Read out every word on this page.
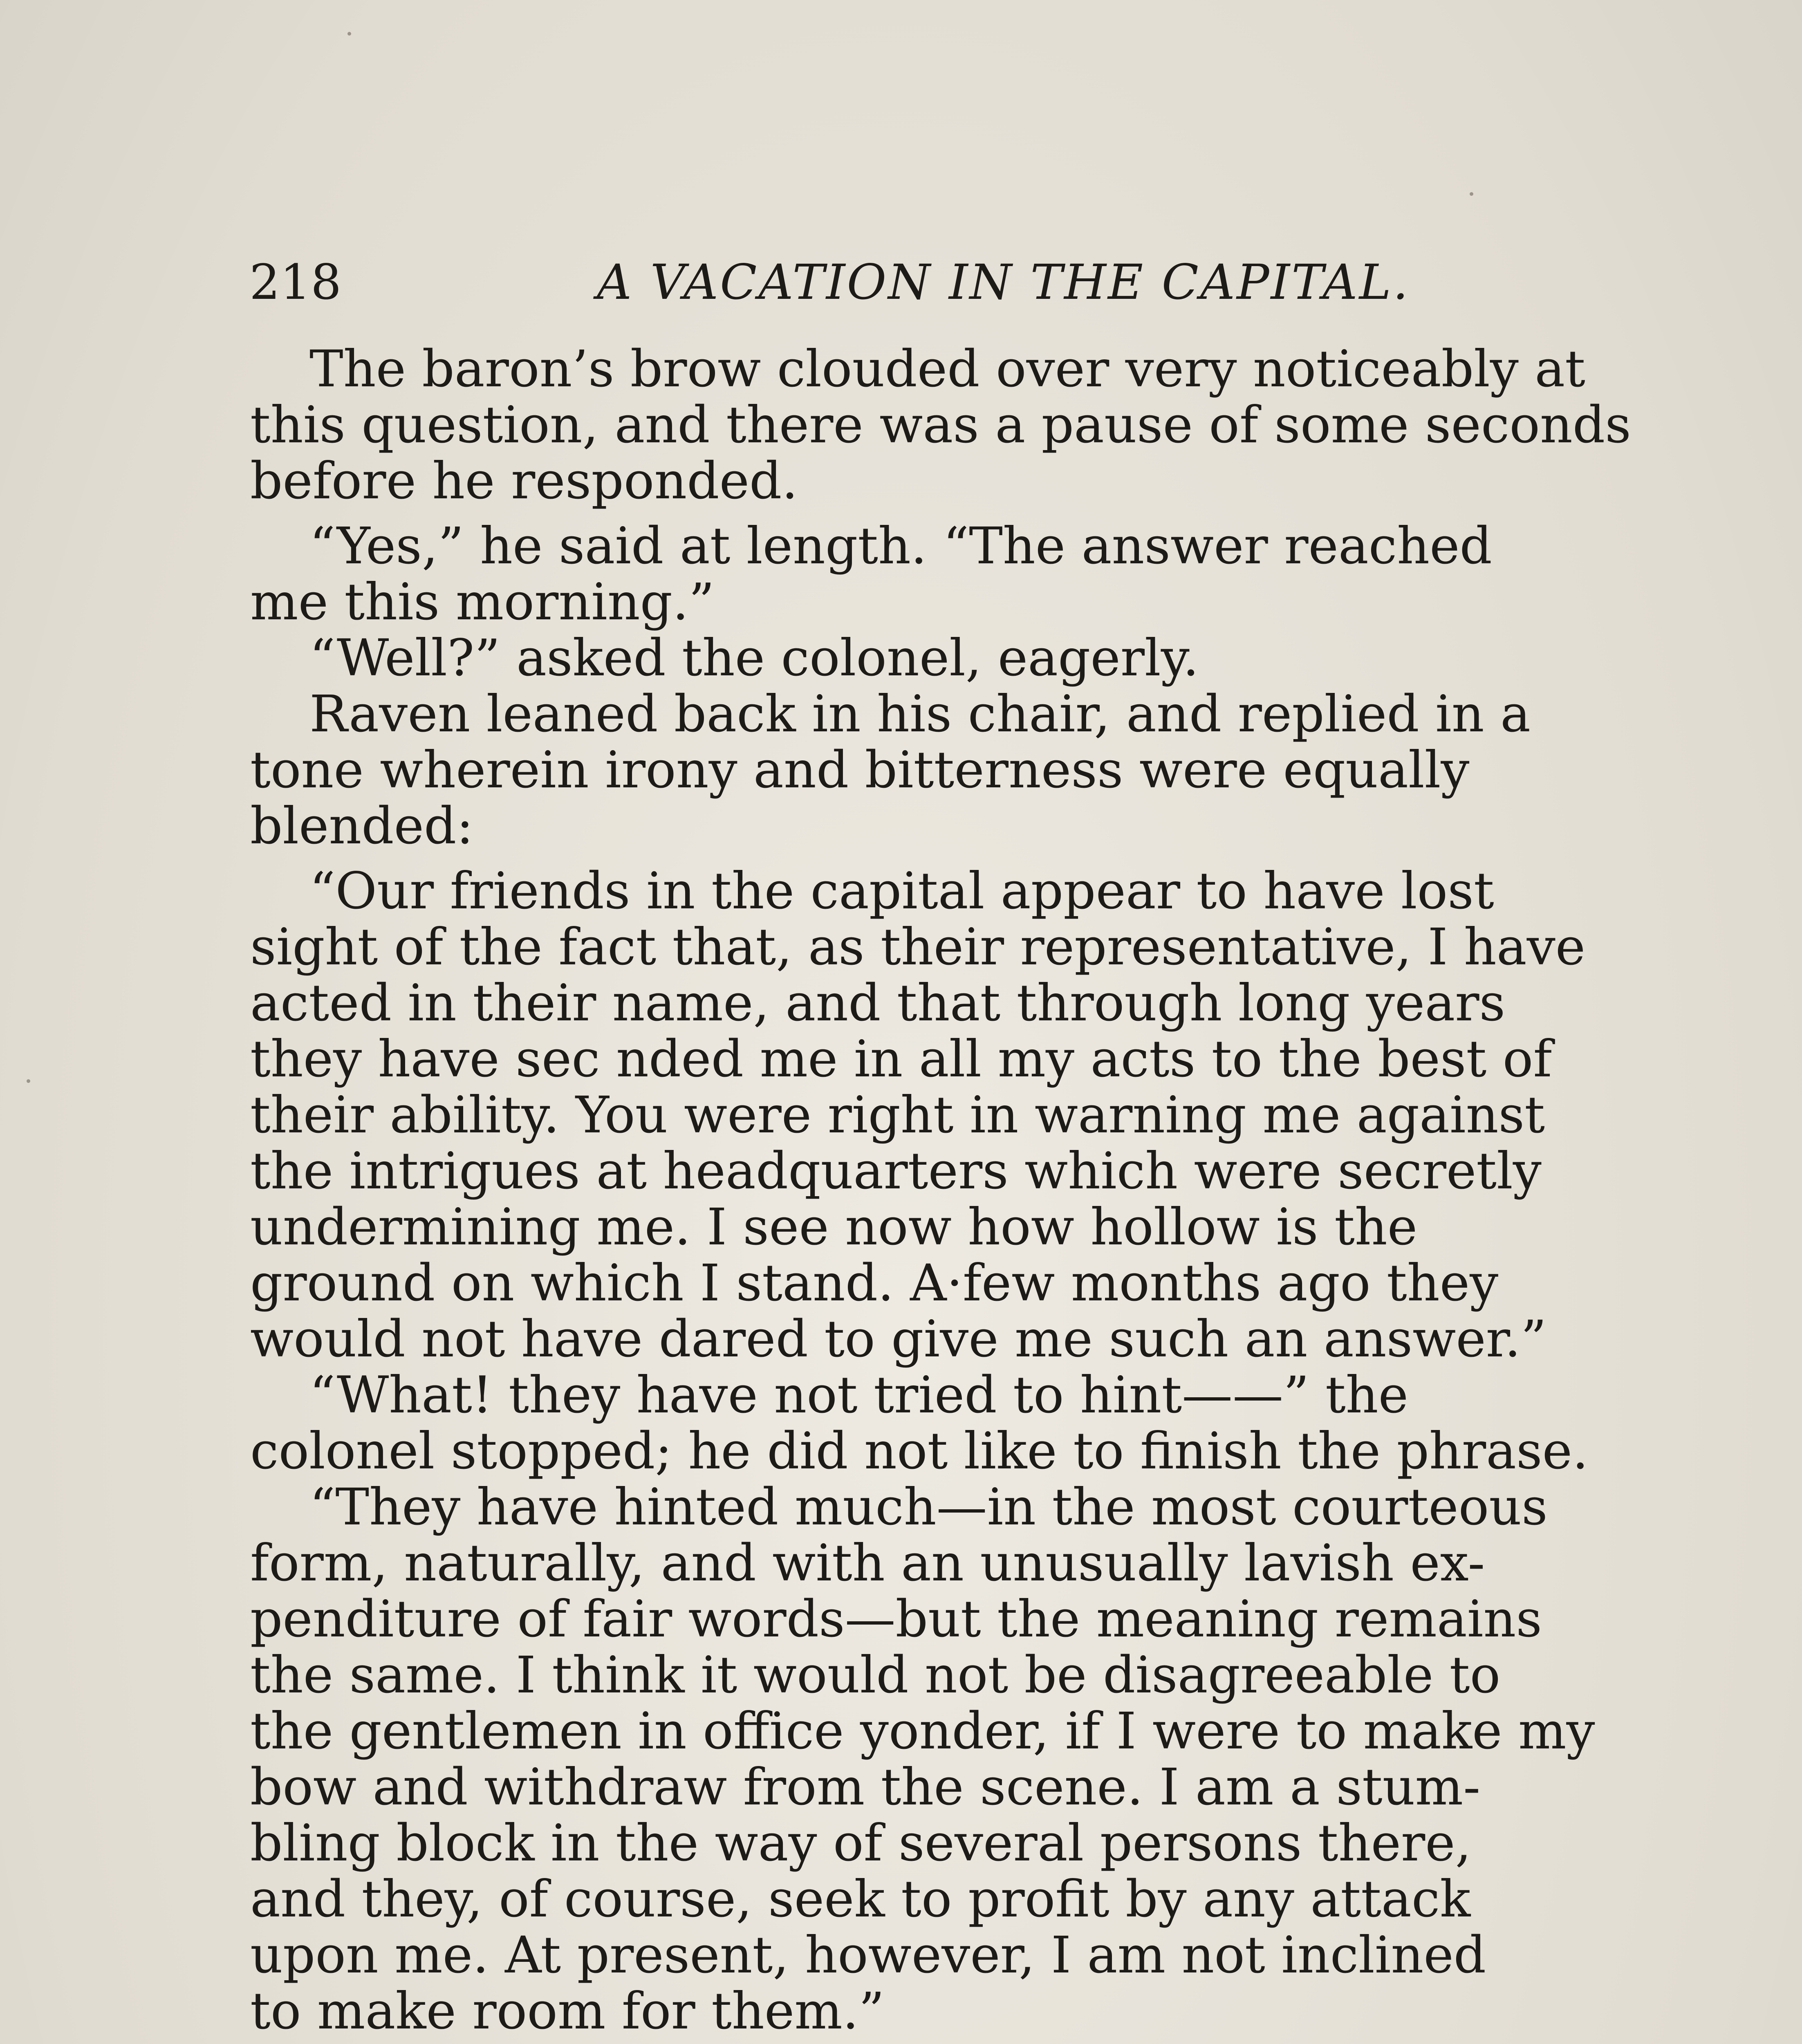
218	A VACATION IN THE CAPITAL.
The baron’s brow clouded over very noticeably at
this question, and there was a pause of some seconds
before he responded.
“Yes,” he said at length. “The answer reached
me this morning.”
“Well?” asked the colonel, eagerly.
Raven leaned back in his chair, and replied in a
tone wherein irony and bitterness were equally
blended:
“Our friends in the capital appear to have lost
sight of the fact that, as their representative, I have
acted in their name, and that through long years
they have sec nded me in all my acts to the best of
their ability. You were right in warning me against
the intrigues at headquarters which were secretly
undermining me. I see now how hollow is the
ground on which I stand. A·few months ago they
would not have dared to give me such an answer.”
“What! they have not tried to hint——” the
colonel stopped; he did not like to finish the phrase.
“They have hinted much—in the most courteous
form, naturally, and with an unusually lavish ex-
penditure of fair words—but the meaning remains
the same. I think it would not be disagreeable to
the gentlemen in office yonder, if I were to make my
bow and withdraw from the scene. I am a stum-
bling block in the way of several persons there,
and they, of course, seek to profit by any attack
upon me. At present, however, I am not inclined
to make room for them.”
